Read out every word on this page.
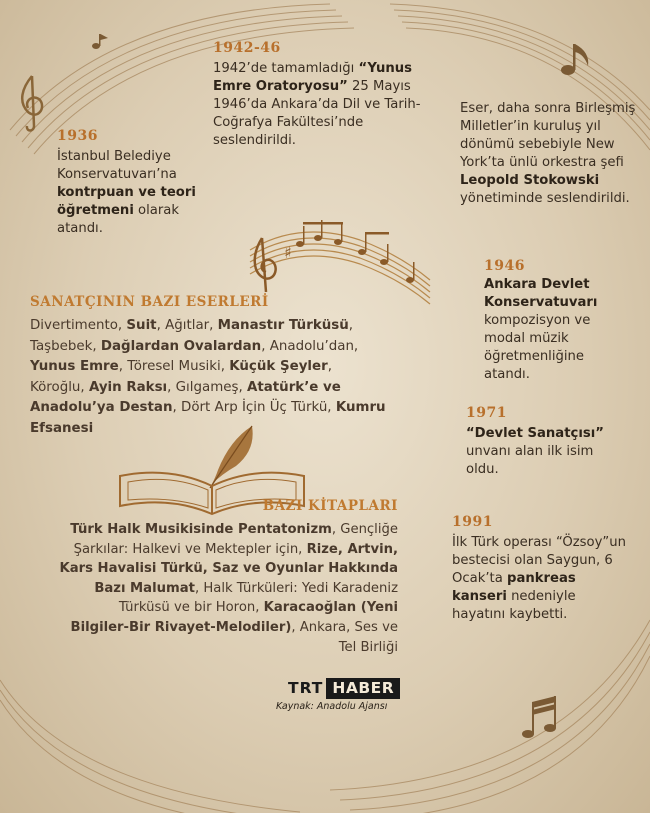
♯
1942-46
1942’de tamamladığı “Yunus Emre Oratoryosu” 25 Mayıs 1946’da Ankara’da Dil ve Tarih-Coğrafya Fakültesi’nde seslendirildi.
1936
İstanbul Belediye Konservatuvarı’na kontrpuan ve teori öğretmeni olarak atandı.
Eser, daha sonra Birleşmiş Milletler’in kuruluş yıl dönümü sebebiyle New York’ta ünlü orkestra şefi Leopold Stokowski yönetiminde seslendirildi.
1946
Ankara Devlet Konservatuvarı kompozisyon ve modal müzik öğretmenliğine atandı.
1971
“Devlet Sanatçısı” unvanı alan ilk isim oldu.
1991
İlk Türk operası “Özsoy”un bestecisi olan Saygun, 6 Ocak’ta pankreas kanseri nedeniyle hayatını kaybetti.
SANATÇININ BAZI ESERLERİ
Divertimento, Suit, Ağıtlar, Manastır Türküsü, Taşbebek, Dağlardan Ovalardan, Anadolu’dan, Yunus Emre, Töresel Musiki, Küçük Şeyler, Köroğlu, Ayin Raksı, Gılgameş, Atatürk’e ve Anadolu’ya Destan, Dört Arp İçin Üç Türkü, Kumru Efsanesi
BAZI KİTAPLARI
Türk Halk Musikisinde Pentatonizm, Gençliğe Şarkılar: Halkevi ve Mektepler için, Rize, Artvin, Kars Havalisi Türkü, Saz ve Oyunlar Hakkında Bazı Malumat, Halk Türküleri: Yedi Karadeniz Türküsü ve bir Horon, Karacaoğlan (Yeni Bilgiler-Bir Rivayet-Melodiler), Ankara, Ses ve Tel Birliği
TRT HABER
Kaynak: Anadolu Ajansı
